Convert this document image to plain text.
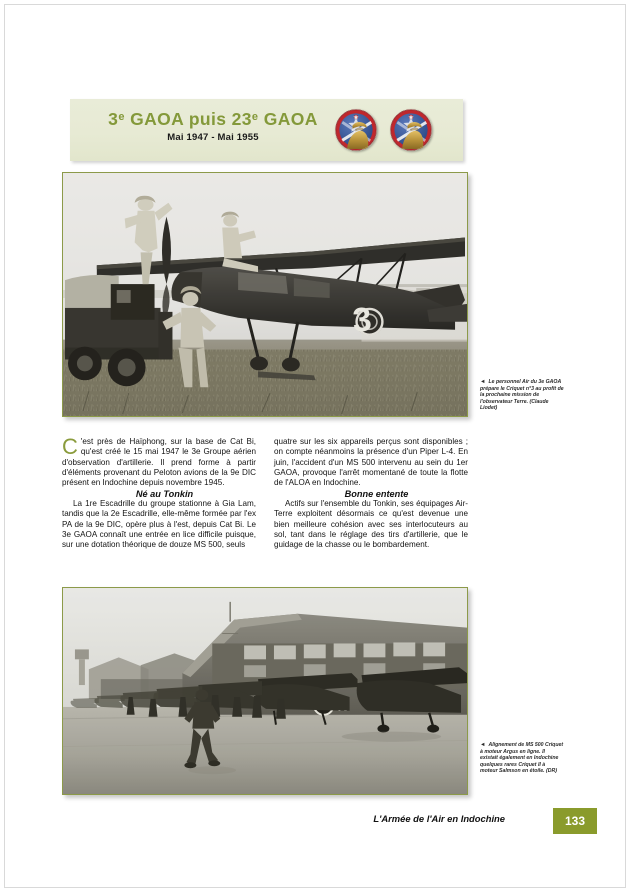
3e GAOA puis 23e GAOA
Mai 1947 - Mai 1955
3

C 'est près de Haïphong, sur la base de Cat Bi, qu'est créé le 15 mai 1947 le 3e Groupe aérien d'observation d'artillerie. Il prend forme à partir d'éléments provenant du Peloton avions de la 9e DIC présent en Indochine depuis novembre 1945.

Né au Tonkin

La 1re Escadrille du groupe stationne à Gia Lam, tandis que la 2e Escadrille, elle-même formée par l'ex PA de la 9e DIC, opère plus à l'est, depuis Cat Bi. Le 3e GAOA connaît une entrée en lice difficile puisque, sur une dotation théorique de douze MS 500, seuls

quatre sur les six appareils perçus sont disponibles ; on compte néanmoins la présence d'un Piper L-4. En juin, l'accident d'un MS 500 intervenu au sein du 1er GAOA, provoque l'arrêt momentané de toute la flotte de l'ALOA en Indochine.

Bonne entente

Actifs sur l'ensemble du Tonkin, ses équipages Air-Terre exploitent désormais ce qu'est devenue une bien meilleure cohésion avec ses interlocuteurs au sol, tant dans le réglage des tirs d'artillerie, que le guidage de la chasse ou le bombardement.

◄ Le personnel Air du 3e GAOA prépare le Criquet n°3 au profit de la prochaine mission de l'observateur Terre. (Claude Liodet)
◄ Alignement de MS 500 Criquet à moteur Argus en ligne. Il existait également en Indochine quelques rares Criquet II à moteur Salmson en étoile. (DR)
L'Armée de l'Air en Indochine	133
